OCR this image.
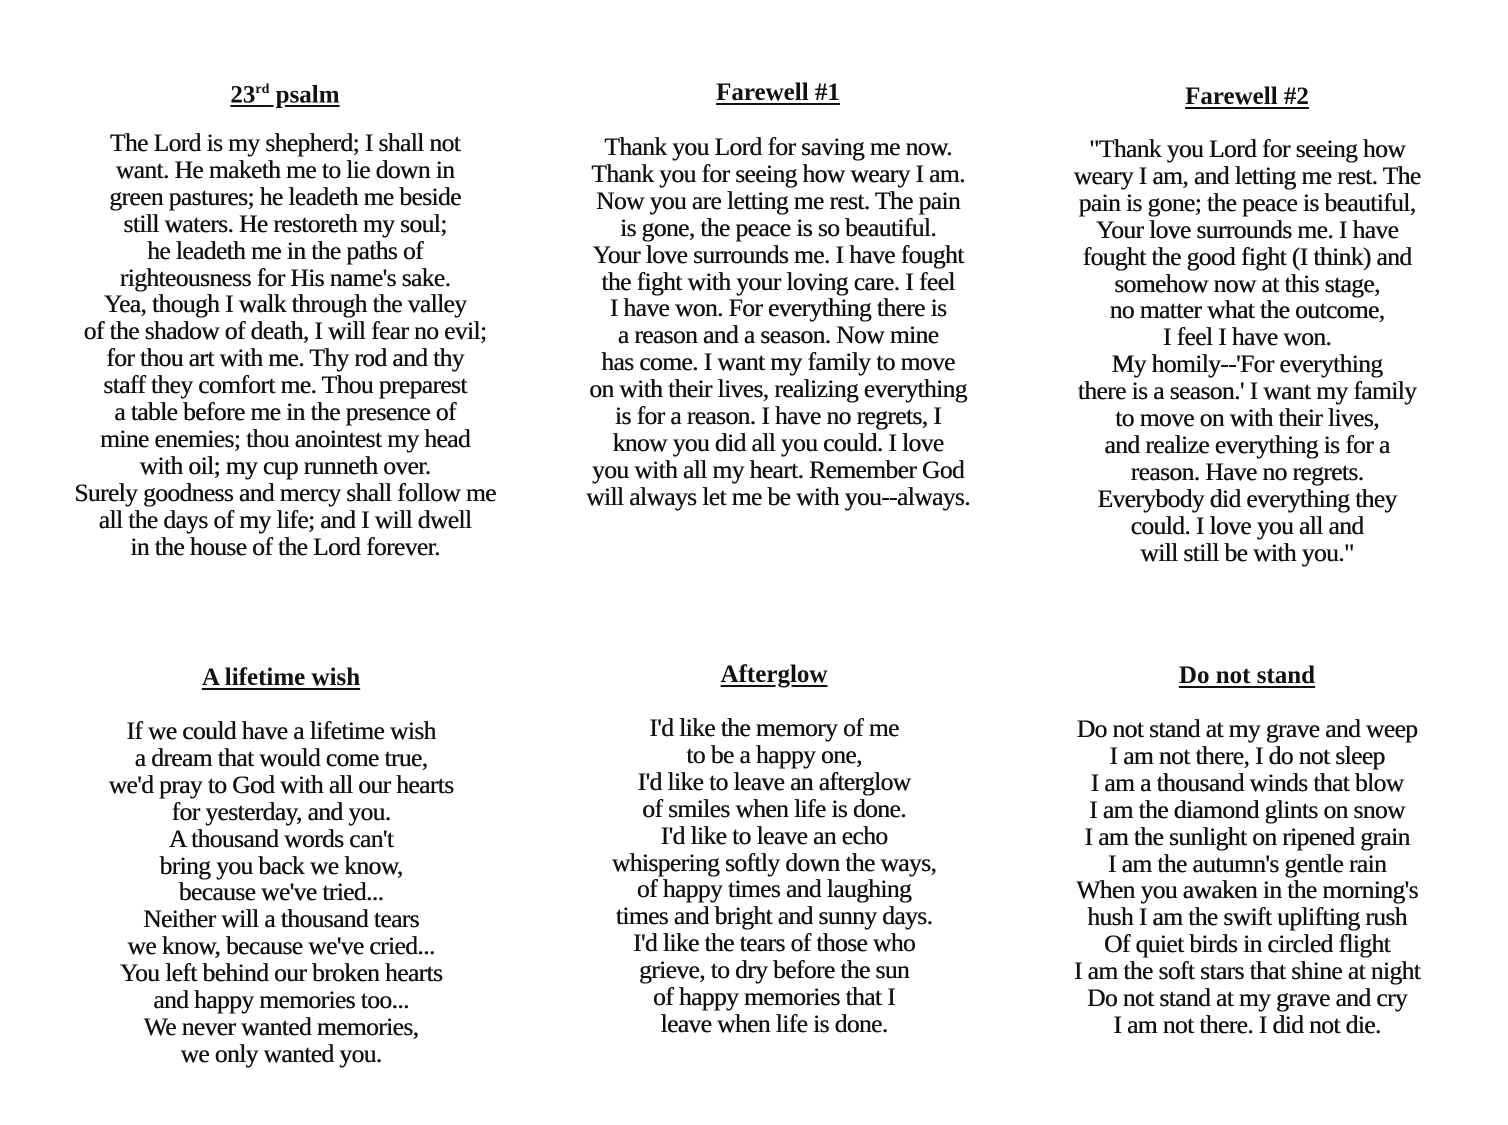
23rd psalm
The Lord is my shepherd; I shall not
want. He maketh me to lie down in
green pastures; he leadeth me beside
still waters. He restoreth my soul;
he leadeth me in the paths of
righteousness for His name's sake.
Yea, though I walk through the valley
of the shadow of death, I will fear no evil;
for thou art with me. Thy rod and thy
staff they comfort me. Thou preparest
a table before me in the presence of
mine enemies; thou anointest my head
with oil; my cup runneth over.
Surely goodness and mercy shall follow me
all the days of my life; and I will dwell
in the house of the Lord forever.
Farewell #1
Thank you Lord for saving me now.
Thank you for seeing how weary I am.
Now you are letting me rest. The pain
is gone, the peace is so beautiful.
Your love surrounds me. I have fought
the fight with your loving care. I feel
I have won. For everything there is
a reason and a season. Now mine
has come. I want my family to move
on with their lives, realizing everything
is for a reason. I have no regrets, I
know you did all you could. I love
you with all my heart. Remember God
will always let me be with you--always.
Farewell #2
"Thank you Lord for seeing how
weary I am, and letting me rest. The
pain is gone; the peace is beautiful,
Your love surrounds me. I have
fought the good fight (I think) and
somehow now at this stage,
no matter what the outcome,
I feel I have won.
My homily--'For everything
there is a season.' I want my family
to move on with their lives,
and realize everything is for a
reason. Have no regrets.
Everybody did everything they
could. I love you all and
will still be with you."
A lifetime wish
If we could have a lifetime wish
a dream that would come true,
we'd pray to God with all our hearts
for yesterday, and you.
A thousand words can't
bring you back we know,
because we've tried...
Neither will a thousand tears
we know, because we've cried...
You left behind our broken hearts
and happy memories too...
We never wanted memories,
we only wanted you.
Afterglow
I'd like the memory of me
to be a happy one,
I'd like to leave an afterglow
of smiles when life is done.
I'd like to leave an echo
whispering softly down the ways,
of happy times and laughing
times and bright and sunny days.
I'd like the tears of those who
grieve, to dry before the sun
of happy memories that I
leave when life is done.
Do not stand
Do not stand at my grave and weep
I am not there, I do not sleep
I am a thousand winds that blow
I am the diamond glints on snow
I am the sunlight on ripened grain
I am the autumn's gentle rain
When you awaken in the morning's
hush I am the swift uplifting rush
Of quiet birds in circled flight
I am the soft stars that shine at night
Do not stand at my grave and cry
I am not there. I did not die.
